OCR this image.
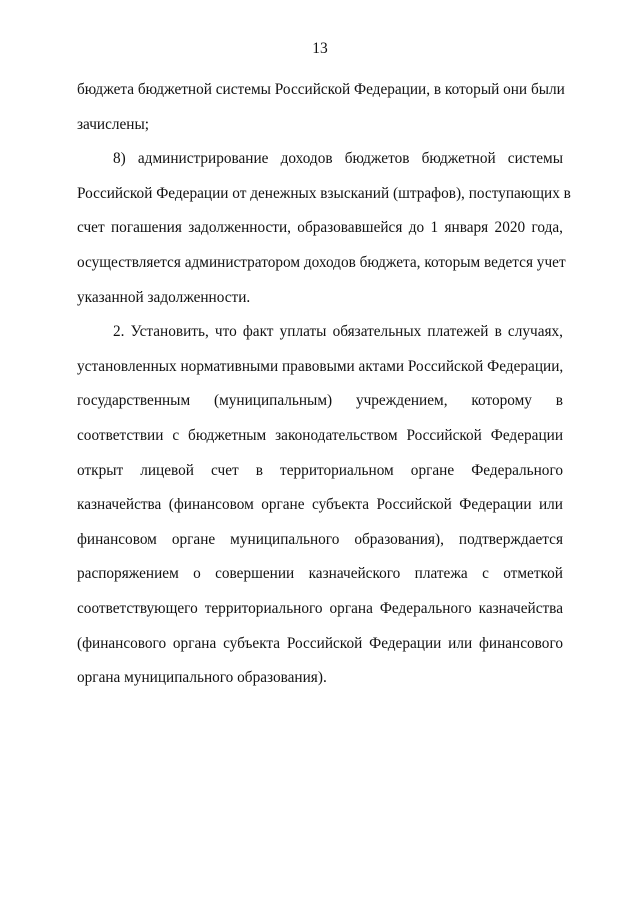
13
бюджета бюджетной системы Российской Федерации, в который они были
зачислены;
8) администрирование доходов бюджетов бюджетной системы
Российской Федерации от денежных взысканий (штрафов), поступающих в
счет погашения задолженности, образовавшейся до 1 января 2020 года,
осуществляется администратором доходов бюджета, которым ведется учет
указанной задолженности.
2. Установить, что факт уплаты обязательных платежей в случаях,
установленных нормативными правовыми актами Российской Федерации,
государственным (муниципальным) учреждением, которому в
соответствии с бюджетным законодательством Российской Федерации
открыт лицевой счет в территориальном органе Федерального
казначейства (финансовом органе субъекта Российской Федерации или
финансовом органе муниципального образования), подтверждается
распоряжением о совершении казначейского платежа с отметкой
соответствующего территориального органа Федерального казначейства
(финансового органа субъекта Российской Федерации или финансового
органа муниципального образования).
